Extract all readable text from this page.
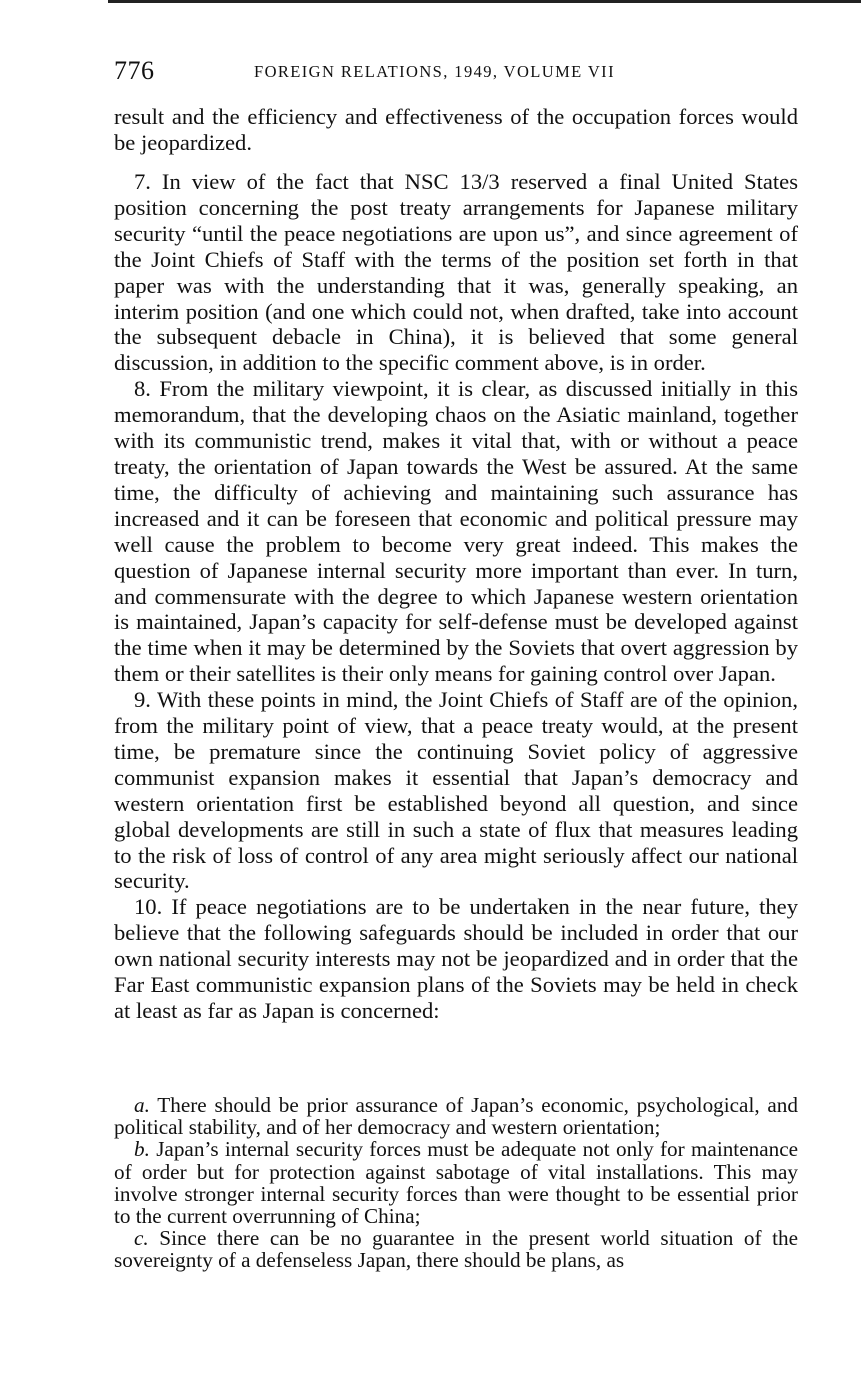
776	FOREIGN RELATIONS, 1949, VOLUME VII

result and the efficiency and effectiveness of the occupation forces would be jeopardized.

7. In view of the fact that NSC 13/3 reserved a final United States position concerning the post treaty arrangements for Japanese military security “until the peace negotiations are upon us”, and since agreement of the Joint Chiefs of Staff with the terms of the position set forth in that paper was with the understanding that it was, generally speaking, an interim position (and one which could not, when drafted, take into account the subsequent debacle in China), it is believed that some general discussion, in addition to the specific comment above, is in order.

8. From the military viewpoint, it is clear, as discussed initially in this memorandum, that the developing chaos on the Asiatic mainland, together with its communistic trend, makes it vital that, with or without a peace treaty, the orientation of Japan towards the West be assured. At the same time, the difficulty of achieving and maintaining such assurance has increased and it can be foreseen that economic and political pressure may well cause the problem to become very great indeed. This makes the question of Japanese internal security more important than ever. In turn, and commensurate with the degree to which Japanese western orientation is maintained, Japan’s capacity for self-defense must be developed against the time when it may be determined by the Soviets that overt aggression by them or their satellites is their only means for gaining control over Japan.

9. With these points in mind, the Joint Chiefs of Staff are of the opinion, from the military point of view, that a peace treaty would, at the present time, be premature since the continuing Soviet policy of aggressive communist expansion makes it essential that Japan’s democracy and western orientation first be established beyond all question, and since global developments are still in such a state of flux that measures leading to the risk of loss of control of any area might seriously affect our national security.

10. If peace negotiations are to be undertaken in the near future, they believe that the following safeguards should be included in order that our own national security interests may not be jeopardized and in order that the Far East communistic expansion plans of the Soviets may be held in check at least as far as Japan is concerned:

a. There should be prior assurance of Japan’s economic, psychological, and political stability, and of her democracy and western orientation;

b. Japan’s internal security forces must be adequate not only for maintenance of order but for protection against sabotage of vital installations. This may involve stronger internal security forces than were thought to be essential prior to the current overrunning of China;

c. Since there can be no guarantee in the present world situation of the sovereignty of a defenseless Japan, there should be plans, as
